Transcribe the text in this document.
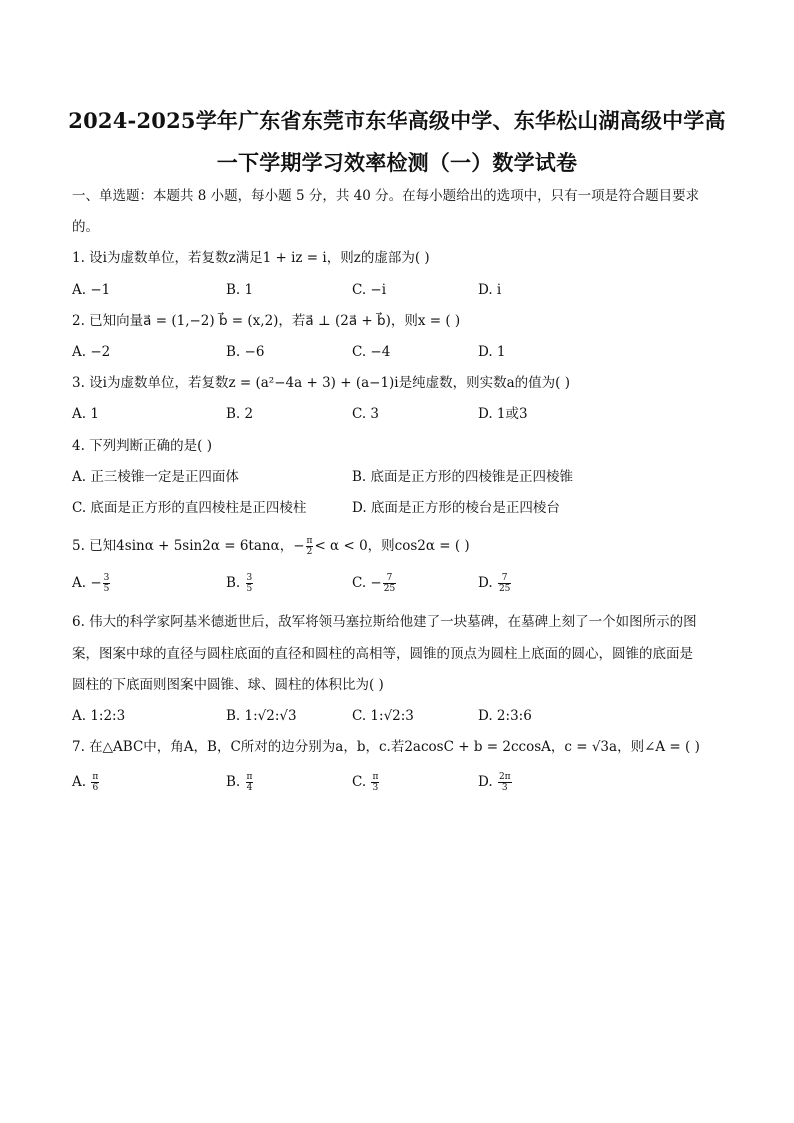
2024-2025学年广东省东莞市东华高级中学、东华松山湖高级中学高
一下学期学习效率检测（一）数学试卷
一、单选题：本题共 8 小题，每小题 5 分，共 40 分。在每小题给出的选项中，只有一项是符合题目要求
的。
1. 设i为虚数单位，若复数z满足1 + iz = i，则z的虚部为( )
A. −1	B. 1	C. −i	D. i
2. 已知向量a⃗ = (1,−2) b⃗ = (x,2)，若a⃗ ⊥ (2a⃗ + b⃗)，则x = ( )
A. −2	B. −6	C. −4	D. 1
3. 设i为虚数单位，若复数z = (a²−4a + 3) + (a−1)i是纯虚数，则实数a的值为( )
A. 1	B. 2	C. 3	D. 1或3
4. 下列判断正确的是( )
A. 正三棱锥一定是正四面体	B. 底面是正方形的四棱锥是正四棱锥
C. 底面是正方形的直四棱柱是正四棱柱	D. 底面是正方形的棱台是正四棱台
5. 已知4sinα + 5sin2α = 6tanα，− $\frac{\pi}{2} < \alpha < 0$，则cos2α = ( )
A. − $\frac{3}{5}$	B. $\frac{3}{5}$	C. − $\frac{7}{25}$	D. $\frac{7}{25}$
6. 伟大的科学家阿基米德逝世后，敌军将领马塞拉斯给他建了一块墓碑，在墓碑上刻了一个如图所示的图
案，图案中球的直径与圆柱底面的直径和圆柱的高相等，圆锥的顶点为圆柱上底面的圆心，圆锥的底面是
圆柱的下底面则图案中圆锥、球、圆柱的体积比为( )
A. 1:2:3	B. 1:√2:√3	C. 1:√2:3	D. 2:3:6
7. 在△ABC中，角A，B，C所对的边分别为a，b，c.若2acosC + b = 2ccosA，c = √3a，则∠A = ( )
A. $\frac{\pi}{6}$	B. $\frac{\pi}{4}$	C. $\frac{\pi}{3}$	D. $\frac{2\pi}{3}$
